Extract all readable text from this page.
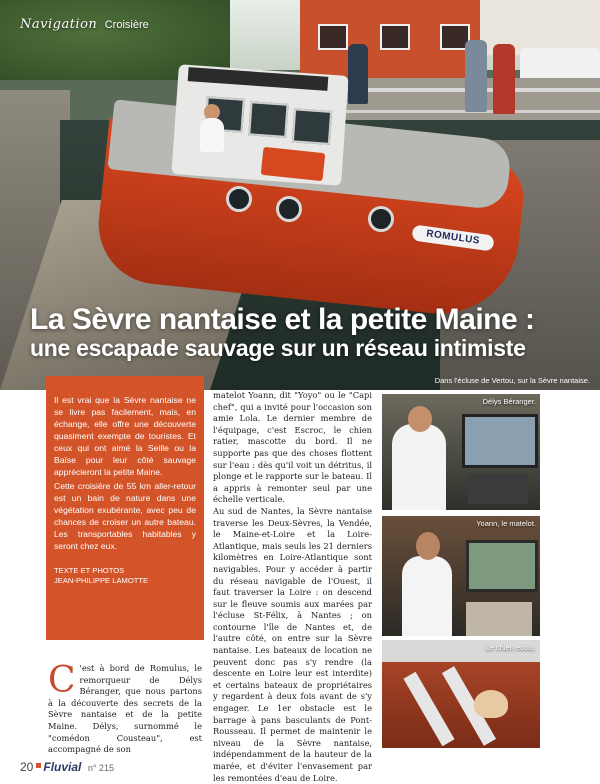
ROMULUS
Navigation Croisière
La Sèvre nantaise et la petite Maine :
une escapade sauvage sur un réseau intimiste
Dans l'écluse de Vertou, sur la Sèvre nantaise.

Il est vrai que la Sèvre nantaise ne se livre pas facilement, mais, en échange, elle offre une découverte quasiment exempte de touristes. Et ceux qui ont aimé la Seille ou la Baïse pour leur côté sauvage apprécieront la petite Maine.

Cette croisière de 55 km aller-retour est un bain de nature dans une végétation exubérante, avec peu de chances de croiser un autre bateau. Les transportables habitables y seront chez eux.

TEXTE ET PHOTOS
JEAN-PHILIPPE LAMOTTE
C 'est à bord de Romulus, le remorqueur de Délys Béranger, que nous partons à la découverte des secrets de la Sèvre nantaise et de la petite Maine. Délys, surnommé le "comédon Cousteau", est accompagné de son
matelot Yoann, dit "Yoyo" ou le "Capi chef", qui a invité pour l'occasion son amie Lola. Le dernier membre de l'équipage, c'est Escroc, le chien ratier, mascotte du bord. Il ne supporte pas que des choses flottent sur l'eau : dès qu'il voit un détritus, il plonge et le rapporte sur le bateau. Il a appris à remonter seul par une échelle verticale.
Au sud de Nantes, la Sèvre nantaise traverse les Deux-Sèvres, la Vendée, le Maine-et-Loire et la Loire-Atlantique, mais seuls les 21 derniers kilomètres en Loire-Atlantique sont navigables. Pour y accéder à partir du réseau navigable de l'Ouest, il faut traverser la Loire : on descend sur le fleuve soumis aux marées par l'écluse St-Félix, à Nantes ; on contourne l'île de Nantes et, de l'autre côté, on entre sur la Sèvre nantaise. Les bateaux de location ne peuvent donc pas s'y rendre (la descente en Loire leur est interdite) et certains bateaux de propriétaires y regardent à deux fois avant de s'y engager. Le 1er obstacle est le barrage à pans basculants de Pont-Rousseau. Il permet de maintenir le niveau de la Sèvre nantaise, indépendamment de la hauteur de la marée, et d'éviter l'envasement par les remontées d'eau de Loire.
Délys Béranger.
Yoann, le matelot.
Le chien écolo.
20 Fluvial n° 215
